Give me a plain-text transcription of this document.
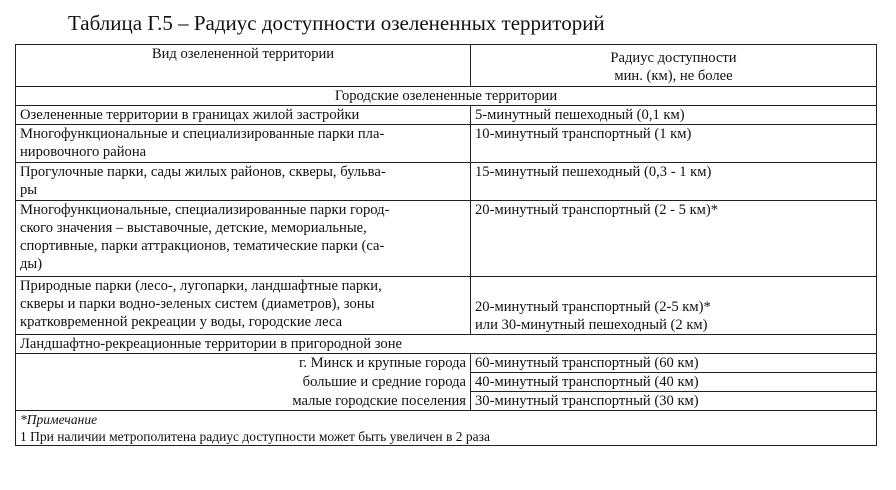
Таблица Г.5 – Радиус доступности озелененных территорий
Вид озелененной территории	Радиус доступности
мин. (км), не более

Городские озелененные территории	
Озелененные территории в границах жилой застройки	5-минутный пешеходный (0,1 км)

Многофункциональные и специализированные парки пла-
нировочного района	10-минутный транспортный (1 км)

Прогулочные парки, сады жилых районов, скверы, бульва-
ры	15-минутный пешеходный (0,3 - 1 км)

Многофункциональные, специализированные парки город-
ского значения – выставочные, детские, мемориальные,
спортивные, парки аттракционов, тематические парки (са-
ды)	20-минутный транспортный (2 - 5 км)*

Природные парки (лесо-, лугопарки, ландшафтные парки,
скверы и парки водно-зеленых систем (диаметров), зоны
кратковременной рекреации у воды, городские леса	20-минутный транспортный (2-5 км)*
или 30-минутный пешеходный (2 км)

Ландшафтно-рекреационные территории в пригородной зоне	
г. Минск и крупные города	60-минутный транспортный (60 км)
большие и средние города	40-минутный транспортный (40 км)
малые городские поселения	30-минутный транспортный (30 км)

*Примечание
1 При наличии метрополитена радиус доступности может быть увеличен в 2 раза	
